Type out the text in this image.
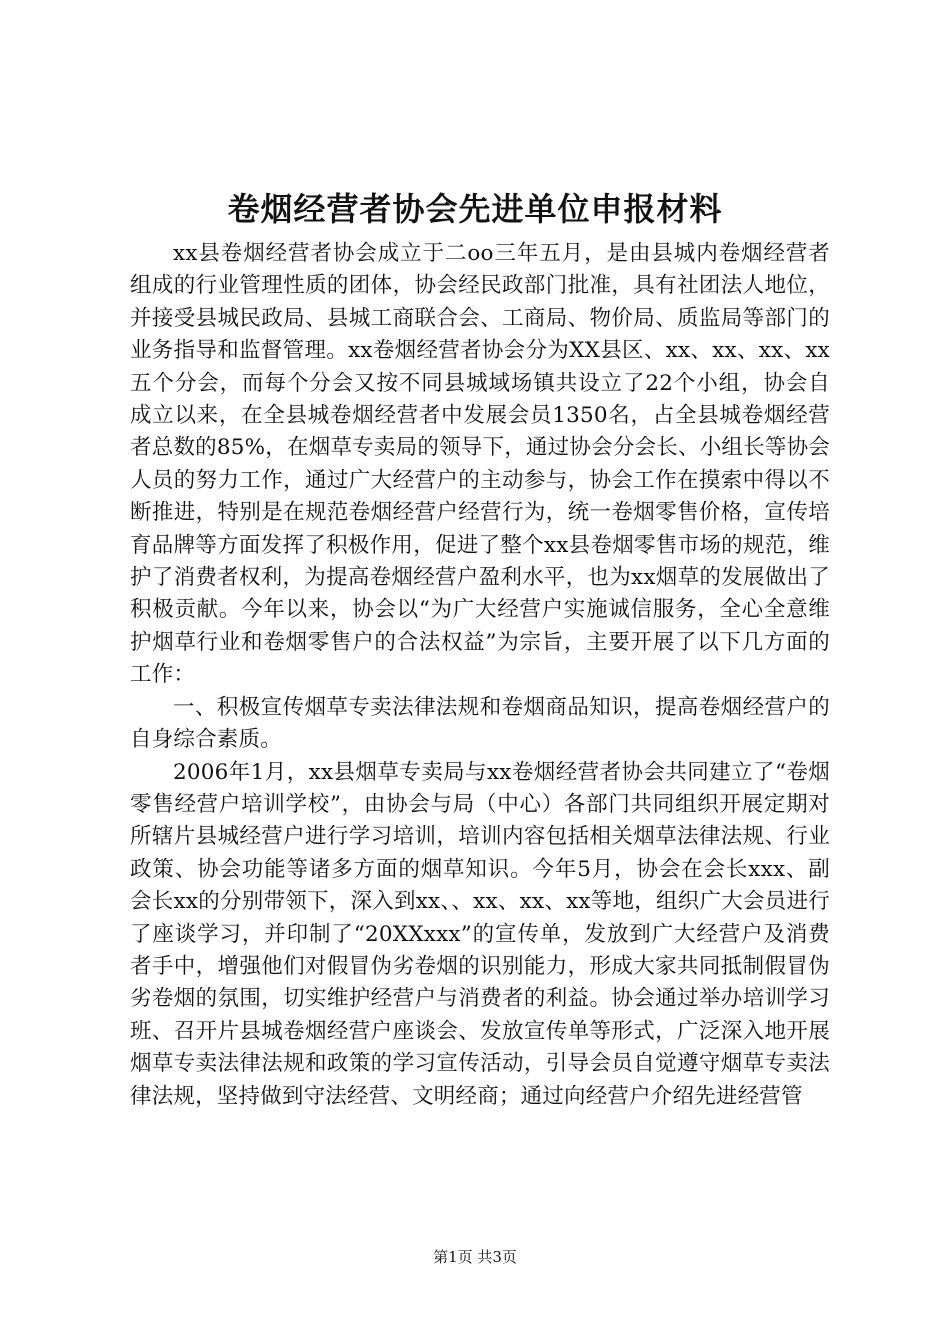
卷烟经营者协会先进单位申报材料

xx县卷烟经营者协会成立于二oo三年五月，是由县城内卷烟经营者组成的行业管理性质的团体，协会经民政部门批准，具有社团法人地位，并接受县城民政局、县城工商联合会、工商局、物价局、质监局等部门的业务指导和监督管理。xx卷烟经营者协会分为XX县区、xx、xx、xx、xx五个分会，而每个分会又按不同县城域场镇共设立了22个小组，协会自成立以来，在全县城卷烟经营者中发展会员1350名，占全县城卷烟经营者总数的85%，在烟草专卖局的领导下，通过协会分会长、小组长等协会人员的努力工作，通过广大经营户的主动参与，协会工作在摸索中得以不断推进，特别是在规范卷烟经营户经营行为，统一卷烟零售价格，宣传培育品牌等方面发挥了积极作用，促进了整个xx县卷烟零售市场的规范，维护了消费者权利，为提高卷烟经营户盈利水平，也为xx烟草的发展做出了积极贡献。今年以来，协会以“为广大经营户实施诚信服务，全心全意维护烟草行业和卷烟零售户的合法权益”为宗旨，主要开展了以下几方面的工作：

一、积极宣传烟草专卖法律法规和卷烟商品知识，提高卷烟经营户的自身综合素质。

2006年1月，xx县烟草专卖局与xx卷烟经营者协会共同建立了“卷烟零售经营户培训学校”，由协会与局（中心）各部门共同组织开展定期对所辖片县城经营户进行学习培训，培训内容包括相关烟草法律法规、行业政策、协会功能等诸多方面的烟草知识。今年5月，协会在会长xxx、副会长xx的分别带领下，深入到xx、、xx、xx、xx等地，组织广大会员进行了座谈学习，并印制了“20XXxxx”的宣传单，发放到广大经营户及消费者手中，增强他们对假冒伪劣卷烟的识别能力，形成大家共同抵制假冒伪劣卷烟的氛围，切实维护经营户与消费者的利益。协会通过举办培训学习班、召开片县城卷烟经营户座谈会、发放宣传单等形式，广泛深入地开展烟草专卖法律法规和政策的学习宣传活动，引导会员自觉遵守烟草专卖法律法规，坚持做到守法经营、文明经商；通过向经营户介绍先进经营管

第1页 共3页
